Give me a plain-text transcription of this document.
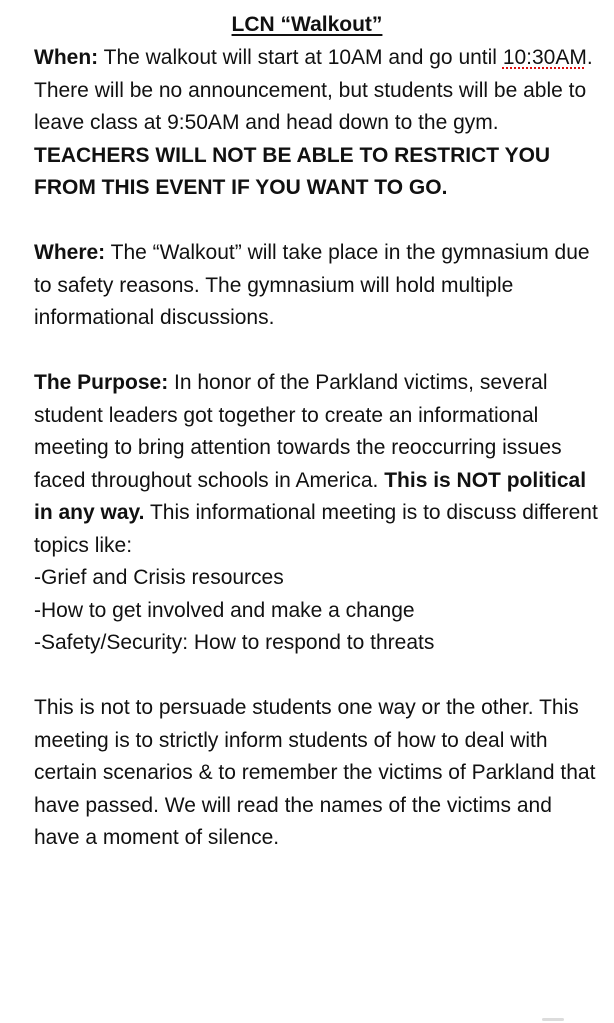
LCN “Walkout”

When: The walkout will start at 10AM and go until 10:30AM. There will be no announcement, but students will be able to leave class at 9:50AM and head down to the gym. TEACHERS WILL NOT BE ABLE TO RESTRICT YOU FROM THIS EVENT IF YOU WANT TO GO.

Where: The “Walkout” will take place in the gymnasium due to safety reasons. The gymnasium will hold multiple informational discussions.

The Purpose: In honor of the Parkland victims, several student leaders got together to create an informational meeting to bring attention towards the reoccurring issues faced throughout schools in America. This is NOT political in any way. This informational meeting is to discuss different topics like:
-Grief and Crisis resources
-How to get involved and make a change
-Safety/Security: How to respond to threats

This is not to persuade students one way or the other. This meeting is to strictly inform students of how to deal with certain scenarios & to remember the victims of Parkland that have passed. We will read the names of the victims and have a moment of silence.
